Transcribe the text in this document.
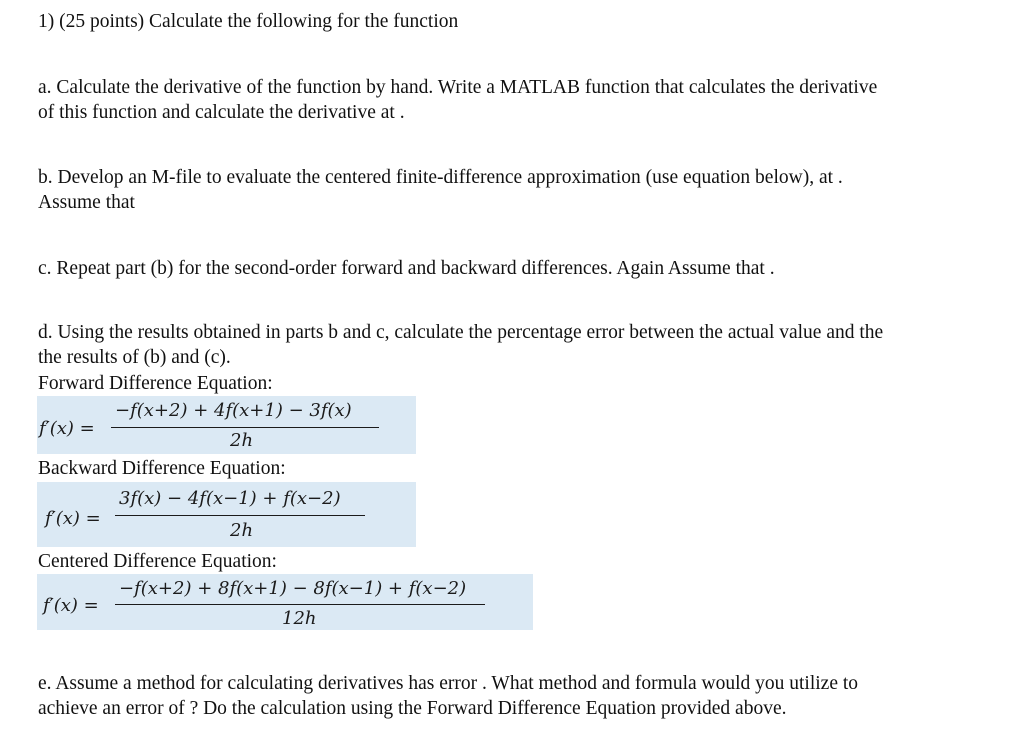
1) (25 points) Calculate the following for the function
a. Calculate the derivative of the function by hand. Write a MATLAB function that calculates the derivative
of this function and calculate the derivative at .
b. Develop an M-file to evaluate the centered finite-difference approximation (use equation below), at .
Assume that
c. Repeat part (b) for the second-order forward and backward differences. Again Assume that .
d. Using the results obtained in parts b and c, calculate the percentage error between the actual value and the
the results of (b) and (c).
Forward Difference Equation:
f′(x) =
−f(x+2) + 4f(x+1) − 3f(x)
2h
Backward Difference Equation:
f′(x) =
3f(x) − 4f(x−1) + f(x−2)
2h
Centered Difference Equation:
f′(x) =
−f(x+2) + 8f(x+1) − 8f(x−1) + f(x−2)
12h
e. Assume a method for calculating derivatives has error . What method and formula would you utilize to
achieve an error of ? Do the calculation using the Forward Difference Equation provided above.
